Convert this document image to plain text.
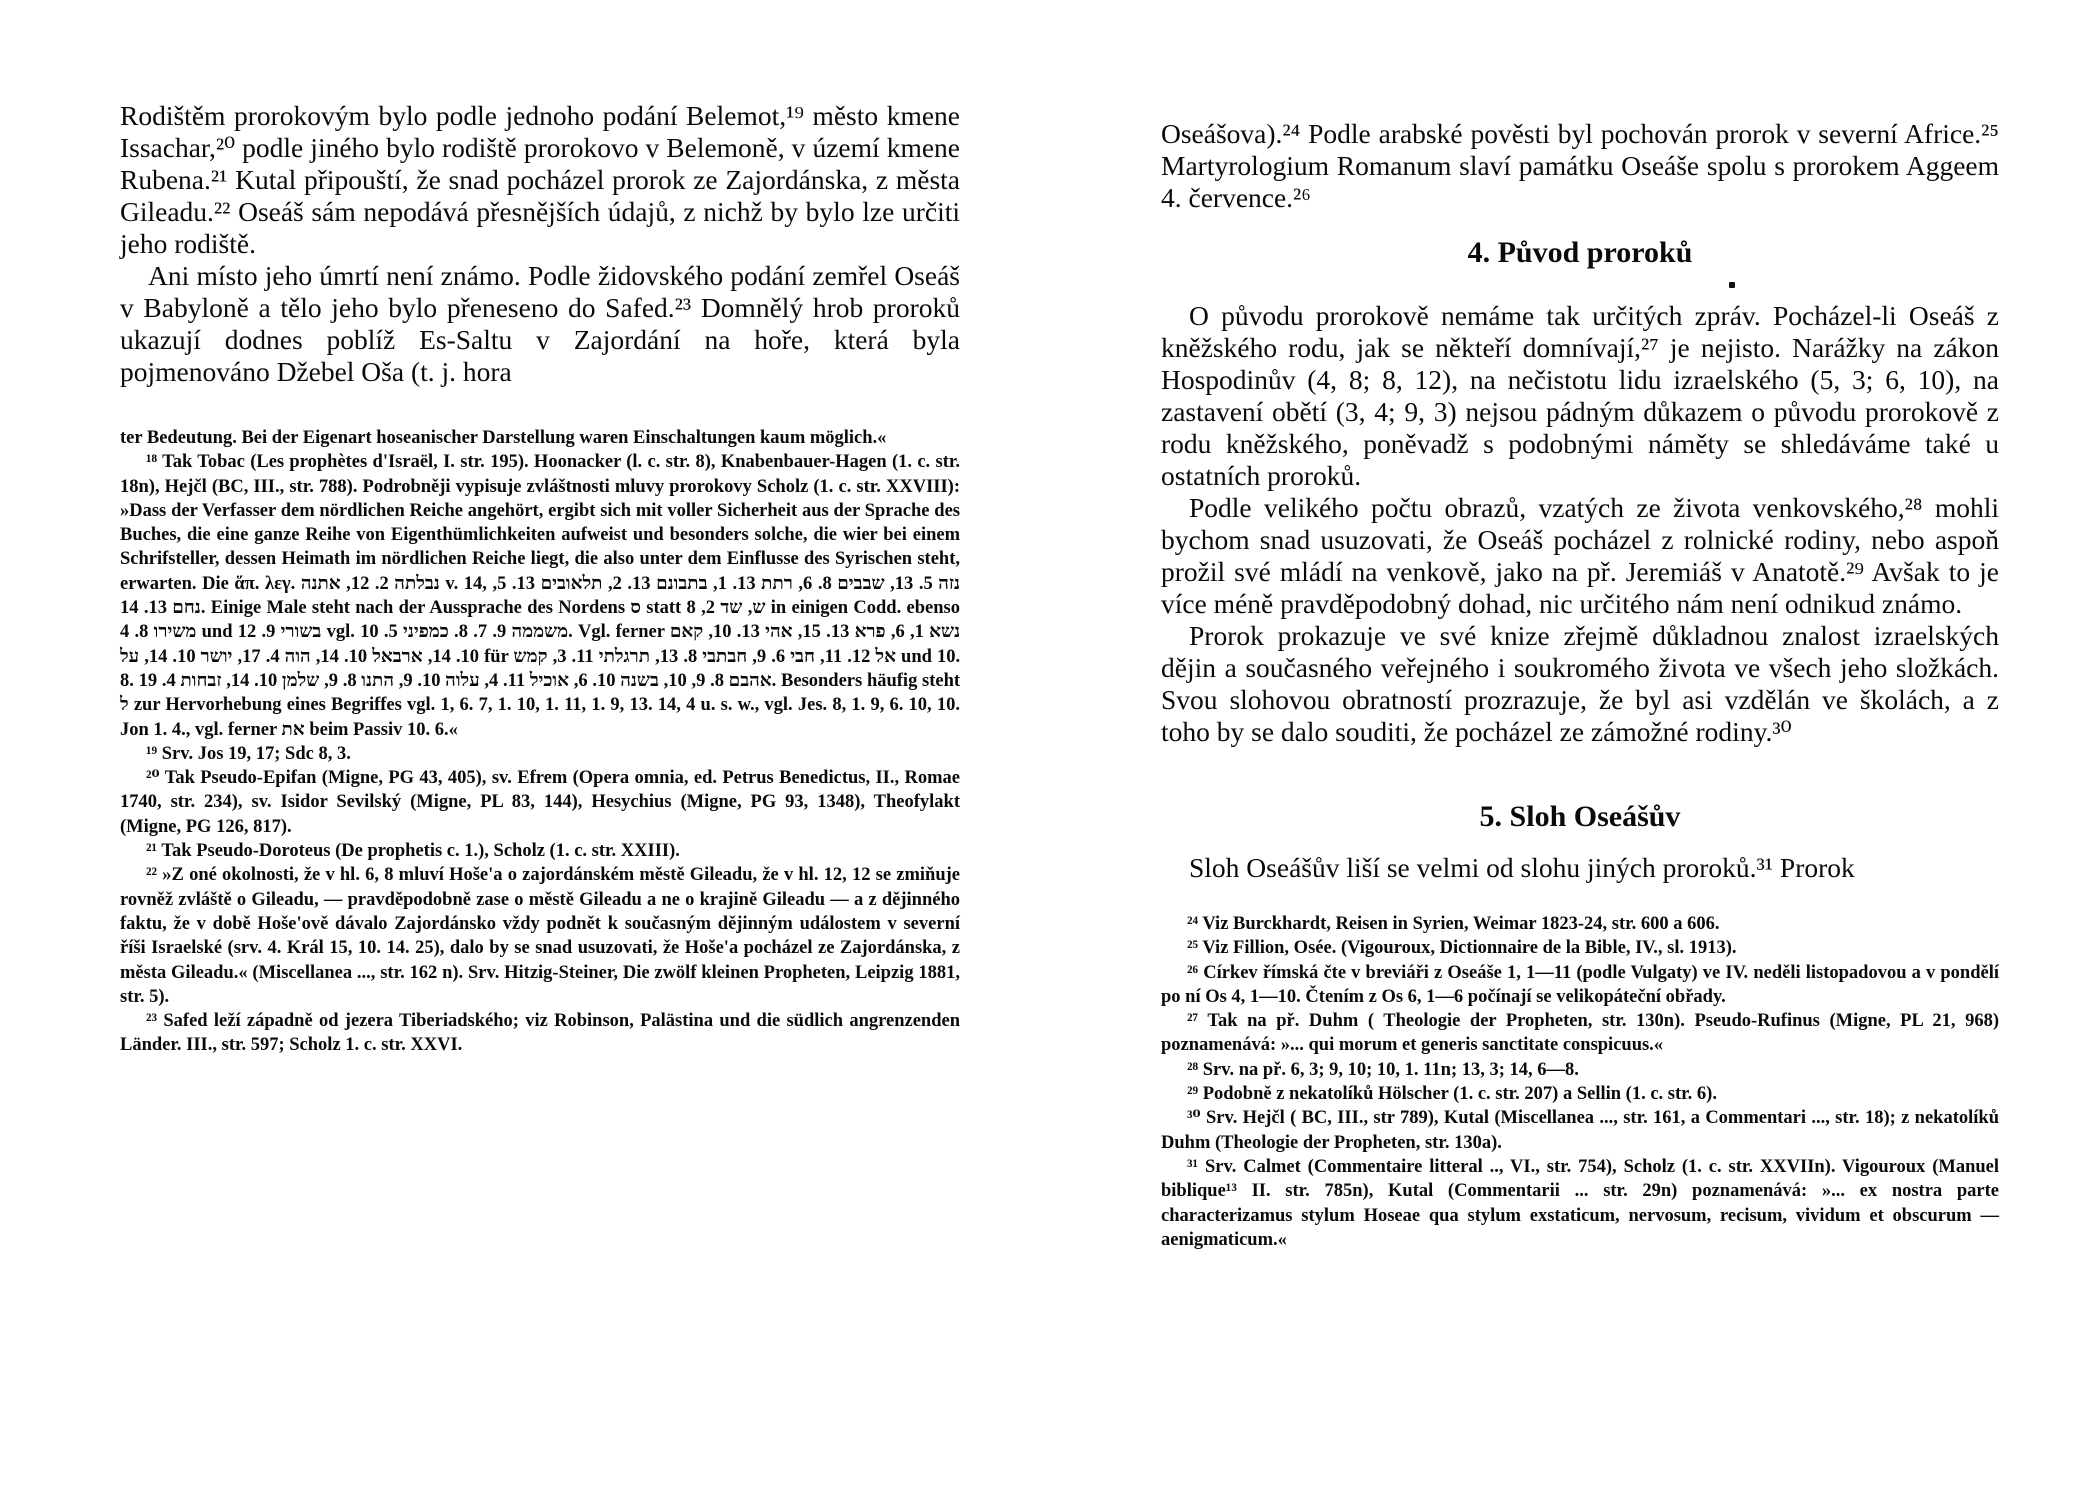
Rodištěm prorokovým bylo podle jednoho podání Belemot,¹⁹ město kmene Issachar,²⁰ podle jiného bylo rodiště prorokovo v Belemoně, v území kmene Rubena.²¹ Kutal připouští, že snad pocházel prorok ze Zajordánska, z města Gileadu.²² Oseáš sám nepodává přesnějších údajů, z nichž by bylo lze určiti jeho rodiště.

Ani místo jeho úmrtí není známo. Podle židovského podání zemřel Oseáš v Babyloně a tělo jeho bylo přeneseno do Safed.²³ Domnělý hrob proroků ukazují dodnes poblíž Es-Saltu v Zajordání na hoře, která byla pojmenováno Džebel Oša (t. j. hora

ter Bedeutung. Bei der Eigenart hoseanischer Darstellung waren Einschaltungen kaum möglich.«

¹⁸ Tak Tobac (Les prophètes d'Israël, I. str. 195). Hoonacker (l. c. str. 8), Knabenbauer-Hagen (1. c. str. 18n), Hejčl (BC, III., str. 788). Podrobněji vypisuje zvláštnosti mluvy prorokovy Scholz (1. c. str. XXVIII): »Dass der Verfasser dem nördlichen Reiche angehört, ergibt sich mit voller Sicherheit aus der Sprache des Buches, die eine ganze Reihe von Eigenthümlichkeiten aufweist und besonders solche, die wier bei einem Schrifsteller, dessen Heimath im nördlichen Reiche liegt, die also unter dem Einflusse des Syrischen steht, erwarten. Die ἅπ. λεγ. נבלתה 2. 12, אתנה v. 14, נזה 5. 13, שבבים 8. 6, רתת 13. 1, בתבונם 13. 2, תלאובים 13. 5, נחם 13. 14. Einige Male steht nach der Aussprache des Nordens ס statt ש, שד 2, 8 in einigen Codd. ebenso משירו 8. 4 und בשורי 9. 12 vgl. משממה 9. 7. 8. כמפיני 5. 10. Vgl. ferner נשא 1, 6, פרא 13. 15, אהי 13. 10, קאם 10. 14, ארבאל 10. 14, הוה 4. 17, יושר 10. 14, על für אל 12. 11, חבי 6. 9, חבתבי 8. 13, תרגלתי 11. 3, קמש und 10. 8. אהבם 8. 9, 10, בשנה 10. 6, אוכיל 11. 4, עלוה 10. 9, התנו 8. 9, שלמן 10. 14, זבחות 4. 19. Besonders häufig steht ל zur Hervorhebung eines Begriffes vgl. 1, 6. 7, 1. 10, 1. 11, 1. 9, 13. 14, 4 u. s. w., vgl. Jes. 8, 1. 9, 6. 10, 10. Jon 1. 4., vgl. ferner את beim Passiv 10. 6.«

¹⁹ Srv. Jos 19, 17; Sdc 8, 3.

²⁰ Tak Pseudo-Epifan (Migne, PG 43, 405), sv. Efrem (Opera omnia, ed. Petrus Benedictus, II., Romae 1740, str. 234), sv. Isidor Sevilský (Migne, PL 83, 144), Hesychius (Migne, PG 93, 1348), Theofylakt (Migne, PG 126, 817).

²¹ Tak Pseudo-Doroteus (De prophetis c. 1.), Scholz (1. c. str. XXIII).

²² »Z oné okolnosti, že v hl. 6, 8 mluví Hoše'a o zajordánském městě Gileadu, že v hl. 12, 12 se zmiňuje rovněž zvláště o Gileadu, — pravděpodobně zase o městě Gileadu a ne o krajině Gileadu — a z dějinného faktu, že v době Hoše'ově dávalo Zajordánsko vždy podnět k současným dějinným událostem v severní říši Israelské (srv. 4. Král 15, 10. 14. 25), dalo by se snad usuzovati, že Hoše'a pocházel ze Zajordánska, z města Gileadu.« (Miscellanea ..., str. 162 n). Srv. Hitzig-Steiner, Die zwölf kleinen Propheten, Leipzig 1881, str. 5).

²³ Safed leží západně od jezera Tiberiadského; viz Robinson, Palästina und die südlich angrenzenden Länder. III., str. 597; Scholz 1. c. str. XXVI.

Oseášova).²⁴ Podle arabské pověsti byl pochován prorok v severní Africe.²⁵ Martyrologium Romanum slaví památku Oseáše spolu s prorokem Aggeem 4. července.²⁶

4. Původ proroků

O původu prorokově nemáme tak určitých zpráv. Pocházel-li Oseáš z kněžského rodu, jak se někteří domnívají,²⁷ je nejisto. Narážky na zákon Hospodinův (4, 8; 8, 12), na nečistotu lidu izraelského (5, 3; 6, 10), na zastavení obětí (3, 4; 9, 3) nejsou pádným důkazem o původu prorokově z rodu kněžského, poněvadž s podobnými náměty se shledáváme také u ostatních proroků.

Podle velikého počtu obrazů, vzatých ze života venkovského,²⁸ mohli bychom snad usuzovati, že Oseáš pocházel z rolnické rodiny, nebo aspoň prožil své mládí na venkově, jako na př. Jeremiáš v Anatotě.²⁹ Avšak to je více méně pravděpodobný dohad, nic určitého nám není odnikud známo.

Prorok prokazuje ve své knize zřejmě důkladnou znalost izraelských dějin a současného veřejného i soukromého života ve všech jeho složkách. Svou slohovou obratností prozrazuje, že byl asi vzdělán ve školách, a z toho by se dalo souditi, že pocházel ze zámožné rodiny.³⁰

5. Sloh Oseášův

Sloh Oseášův liší se velmi od slohu jiných proroků.³¹ Prorok

²⁴ Viz Burckhardt, Reisen in Syrien, Weimar 1823-24, str. 600 a 606.

²⁵ Viz Fillion, Osée. (Vigouroux, Dictionnaire de la Bible, IV., sl. 1913).

²⁶ Církev římská čte v breviáři z Oseáše 1, 1—11 (podle Vulgaty) ve IV. neděli listopadovou a v pondělí po ní Os 4, 1—10. Čtením z Os 6, 1—6 počínají se velikopáteční obřady.

²⁷ Tak na př. Duhm ( Theologie der Propheten, str. 130n). Pseudo-Rufinus (Migne, PL 21, 968) poznamenává: »... qui morum et generis sanctitate conspicuus.«

²⁸ Srv. na př. 6, 3; 9, 10; 10, 1. 11n; 13, 3; 14, 6—8.

²⁹ Podobně z nekatolíků Hölscher (1. c. str. 207) a Sellin (1. c. str. 6).

³⁰ Srv. Hejčl ( BC, III., str 789), Kutal (Miscellanea ..., str. 161, a Commentari ..., str. 18); z nekatolíků Duhm (Theologie der Propheten, str. 130a).

³¹ Srv. Calmet (Commentaire litteral .., VI., str. 754), Scholz (1. c. str. XXVIIn). Vigouroux (Manuel biblique¹³ II. str. 785n), Kutal (Commentarii ... str. 29n) poznamenává: »... ex nostra parte characterizamus stylum Hoseae qua stylum exstaticum, nervosum, recisum, vividum et obscurum — aenigmaticum.«
